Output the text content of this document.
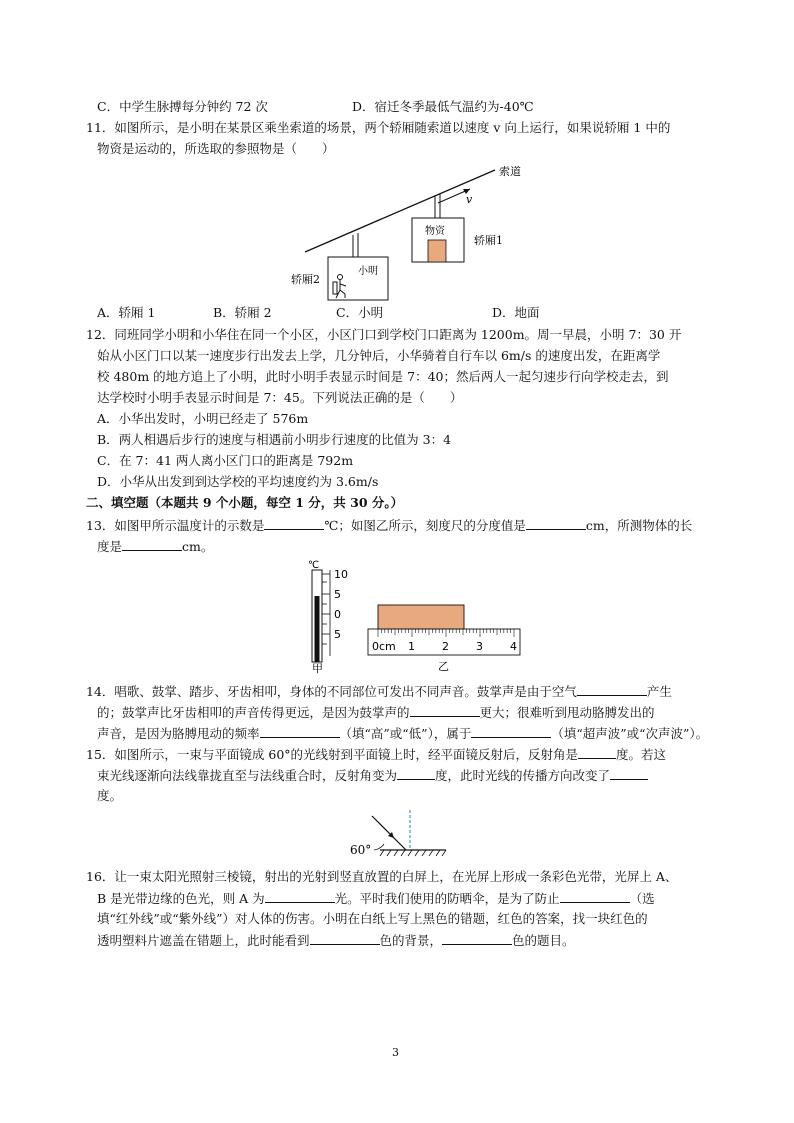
C．中学生脉搏每分钟约 72 次	D．宿迁冬季最低气温约为-40℃
11．如图所示，是小明在某景区乘坐索道的场景，两个轿厢随索道以速度 v 向上运行，如果说轿厢 1 中的
物资是运动的，所选取的参照物是（　　）
索道
v
物资
轿厢1
小明
轿厢2
A．轿厢 1	B．轿厢 2	C．小明	D．地面
12．同班同学小明和小华住在同一个小区，小区门口到学校门口距离为 1200m。周一早晨，小明 7：30 开
始从小区门口以某一速度步行出发去上学，几分钟后，小华骑着自行车以 6m/s 的速度出发，在距离学
校 480m 的地方追上了小明，此时小明手表显示时间是 7：40；然后两人一起匀速步行向学校走去，到
达学校时小明手表显示时间是 7：45。下列说法正确的是（　　）
A．小华出发时，小明已经走了 576m
B．两人相遇后步行的速度与相遇前小明步行速度的比值为 3：4
C．在 7：41 两人离小区门口的距离是 792m
D．小华从出发到到达学校的平均速度约为 3.6m/s
二、填空题（本题共 9 个小题，每空 1 分，共 30 分。）
13．如图甲所示温度计的示数是	℃；如图乙所示，刻度尺的分度值是	cm，所测物体的长
度是	cm。
℃
10
5
0
5
甲
0cm 1 2 3 4
乙
14．唱歌、鼓掌、踏步、牙齿相叩，身体的不同部位可发出不同声音。鼓掌声是由于空气	产生
的；鼓掌声比牙齿相叩的声音传得更远，是因为鼓掌声的	更大；很难听到甩动胳膊发出的
声音，是因为胳膊甩动的频率	（填“高”或“低”），属于	（填“超声波”或“次声波”）。
15．如图所示，一束与平面镜成 60°的光线射到平面镜上时，经平面镜反射后，反射角是	度。若这
束光线逐渐向法线靠拢直至与法线重合时，反射角变为	度，此时光线的传播方向改变了
度。
60°
16．让一束太阳光照射三棱镜，射出的光射到竖直放置的白屏上，在光屏上形成一条彩色光带，光屏上 A、
B 是光带边缘的色光，则 A 为	光。平时我们使用的防晒伞，是为了防止	（选
填“红外线”或“紫外线”）对人体的伤害。小明在白纸上写上黑色的错题，红色的答案，找一块红色的
透明塑料片遮盖在错题上，此时能看到	色的背景，	色的题目。
3
